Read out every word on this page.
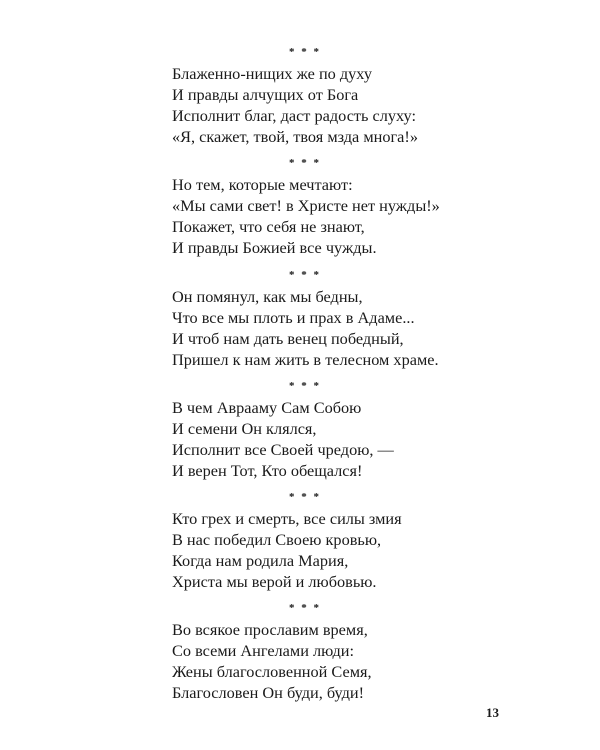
* * *
Блаженно-нищих же по духу
И правды алчущих от Бога
Исполнит благ, даст радость слуху:
«Я, скажет, твой, твоя мзда многа!»
* * *
Но тем, которые мечтают:
«Мы сами свет! в Христе нет нужды!»
Покажет, что себя не знают,
И правды Божией все чужды.
* * *
Он помянул, как мы бедны,
Что все мы плоть и прах в Адаме...
И чтоб нам дать венец победный,
Пришел к нам жить в телесном храме.
* * *
В чем Аврааму Сам Собою
И семени Он клялся,
Исполнит все Своей чредою, —
И верен Тот, Кто обещался!
* * *
Кто грех и смерть, все силы змия
В нас победил Своею кровью,
Когда нам родила Мария,
Христа мы верой и любовью.
* * *
Во всякое прославим время,
Со всеми Ангелами люди:
Жены благословенной Семя,
Благословен Он буди, буди!
13
